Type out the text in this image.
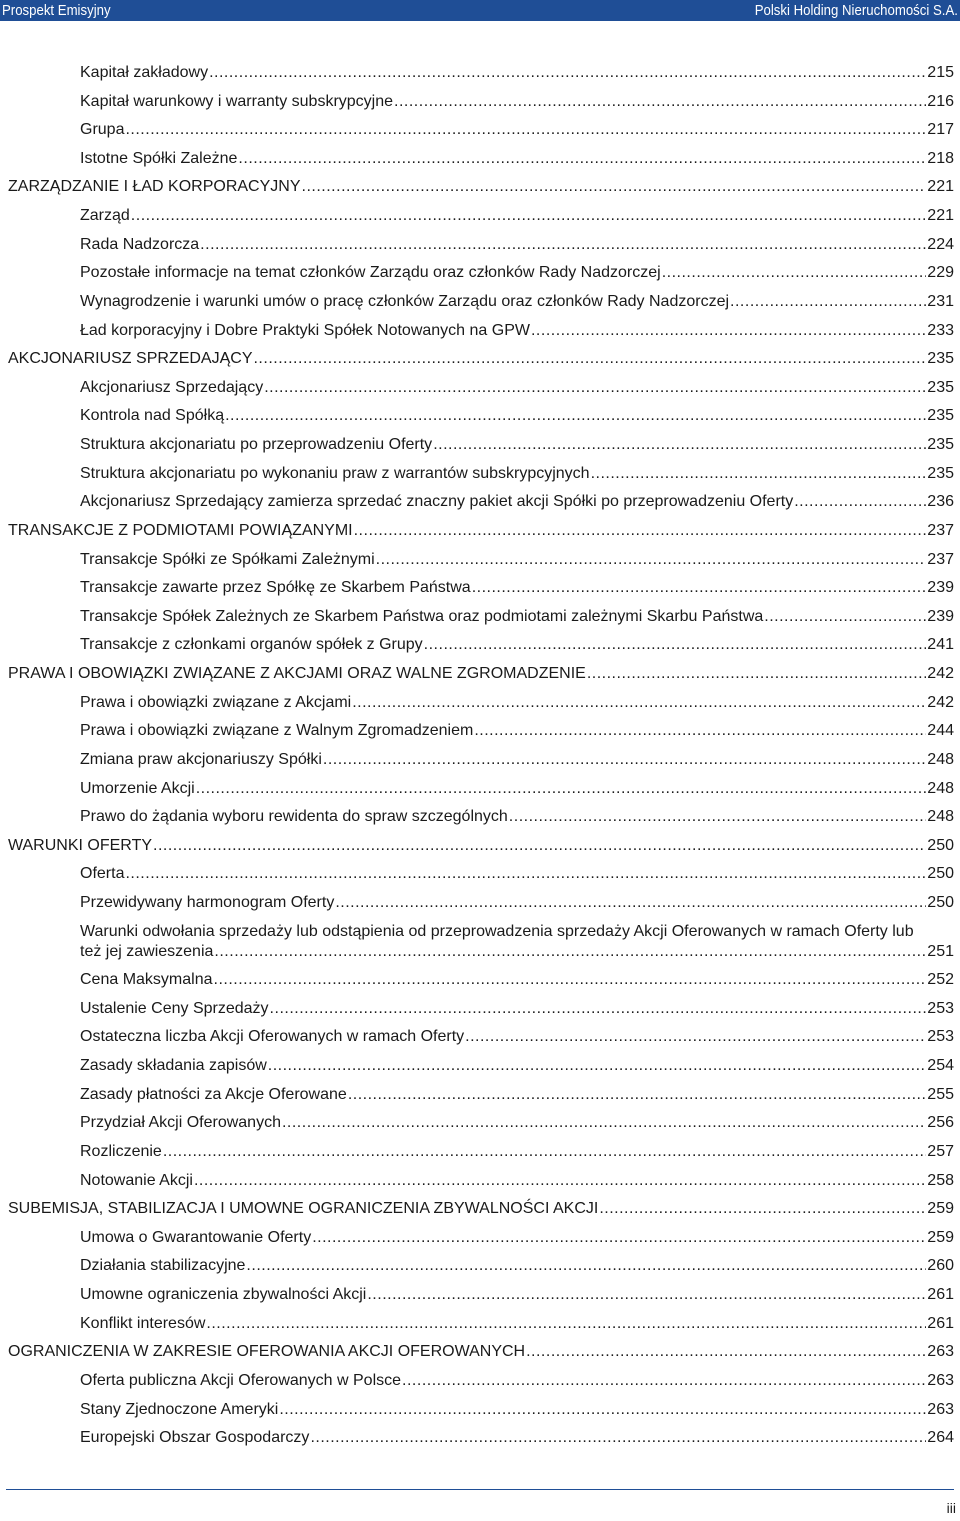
Prospekt Emisyjny	Polski Holding Nieruchomości S.A.
Kapitał zakładowy .....	215
Kapitał warunkowy i warranty subskrypcyjne .....	216
Grupa .....	217
Istotne Spółki Zależne .....	218
ZARZĄDZANIE I ŁAD KORPORACYJNY .....	221
Zarząd .....	221
Rada Nadzorcza .....	224
Pozostałe informacje na temat członków Zarządu oraz członków Rady Nadzorczej .....	229
Wynagrodzenie i warunki umów o pracę członków Zarządu oraz członków Rady Nadzorczej .....	231
Ład korporacyjny i Dobre Praktyki Spółek Notowanych na GPW .....	233
AKCJONARIUSZ SPRZEDAJĄCY .....	235
Akcjonariusz Sprzedający .....	235
Kontrola nad Spółką .....	235
Struktura akcjonariatu po przeprowadzeniu Oferty .....	235
Struktura akcjonariatu po wykonaniu praw z warrantów subskrypcyjnych .....	235
Akcjonariusz Sprzedający zamierza sprzedać znaczny pakiet akcji Spółki po przeprowadzeniu Oferty .....	236
TRANSAKCJE Z PODMIOTAMI POWIĄZANYMI .....	237
Transakcje Spółki ze Spółkami Zależnymi .....	237
Transakcje zawarte przez Spółkę ze Skarbem Państwa .....	239
Transakcje Spółek Zależnych ze Skarbem Państwa oraz podmiotami zależnymi Skarbu Państwa .....	239
Transakcje z członkami organów spółek z Grupy .....	241
PRAWA I OBOWIĄZKI ZWIĄZANE Z AKCJAMI ORAZ WALNE ZGROMADZENIE .....	242
Prawa i obowiązki związane z Akcjami .....	242
Prawa i obowiązki związane z Walnym Zgromadzeniem .....	244
Zmiana praw akcjonariuszy Spółki .....	248
Umorzenie Akcji .....	248
Prawo do żądania wyboru rewidenta do spraw szczególnych .....	248
WARUNKI OFERTY .....	250
Oferta .....	250
Przewidywany harmonogram Oferty .....	250
Warunki odwołania sprzedaży lub odstąpienia od przeprowadzenia sprzedaży Akcji Oferowanych w ramach Oferty lub
też jej zawieszenia .....	251
Cena Maksymalna .....	252
Ustalenie Ceny Sprzedaży .....	253
Ostateczna liczba Akcji Oferowanych w ramach Oferty .....	253
Zasady składania zapisów .....	254
Zasady płatności za Akcje Oferowane .....	255
Przydział Akcji Oferowanych .....	256
Rozliczenie .....	257
Notowanie Akcji .....	258
SUBEMISJA, STABILIZACJA I UMOWNE OGRANICZENIA ZBYWALNOŚCI AKCJI .....	259
Umowa o Gwarantowanie Oferty .....	259
Działania stabilizacyjne .....	260
Umowne ograniczenia zbywalności Akcji .....	261
Konflikt interesów .....	261
OGRANICZENIA W ZAKRESIE OFEROWANIA AKCJI OFEROWANYCH .....	263
Oferta publiczna Akcji Oferowanych w Polsce .....	263
Stany Zjednoczone Ameryki .....	263
Europejski Obszar Gospodarczy .....	264
iii
